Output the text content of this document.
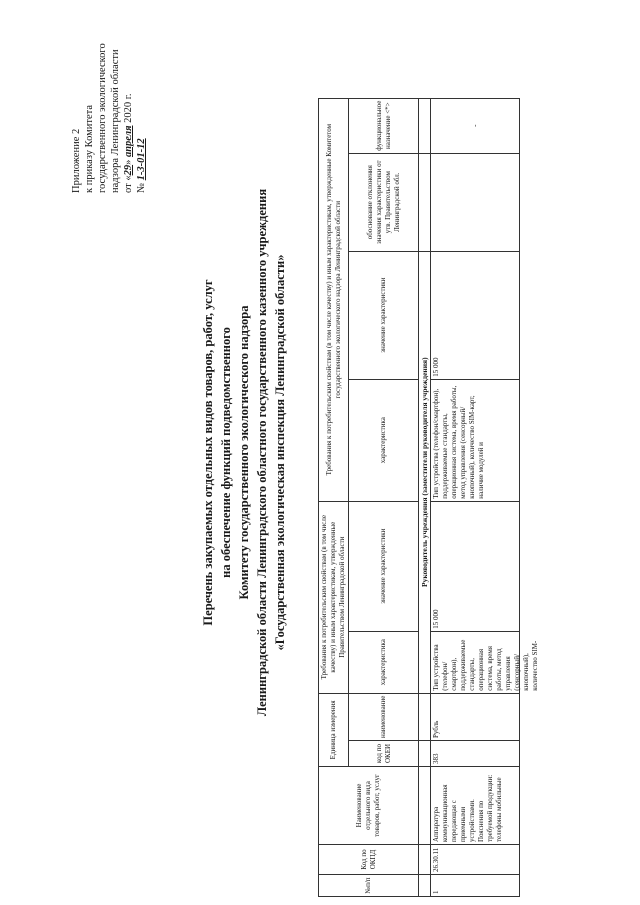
Приложение 2 к приказу Комитета государственного экологического надзора Ленинградской области от «29» апреля 2020 г.
№ 1-3-01-12
Перечень закупаемых отдельных видов товаров, работ, услуг на обеспечение функций подведомственного Комитету государственного экологического надзора Ленинградской области Ленинградского областного государственного казенного учреждения «Государственная экологическая инспекция Ленинградской области»
№п/п	Код по ОКПД	Наименование отдельного вида товаров, работ, услуг	Единица измерения		Требования к потребительским свойствам (в том числе качеству) и иным характеристикам, утвержденные Правительством Ленинградской области		Требования к потребительским свойствам (в том числе качеству) и иным характеристикам, утвержденные Комитетом государственного экологического надзора Ленинградской области			
			код по ОКЕИ	наименование	характеристика	значение характеристики	характеристика	значение характеристики	обоснование отклонения значения характеристики от утв. Правительством Ленинградской обл.	функциональное назначение <*>
					Руководитель учреждения (заместители руководителя учреждения)					
1	26.30.11	Аппаратура коммуникационная передающая с приемными устройствами. Пояснения по требуемой продукции: телефоны мобильные	383	Рубль	Тип устройства (телефон/смартфон), поддерживаемые стандарты, операционная система, время работы, метод управления (сенсорный/кнопочный), количество SIM-	15 000	Тип устройства (телефон/смартфон), поддерживаемые стандарты, операционная система, время работы, метод управления (сенсорный/кнопочный), количество SIM-карт, наличие модулей и	15 000		-
